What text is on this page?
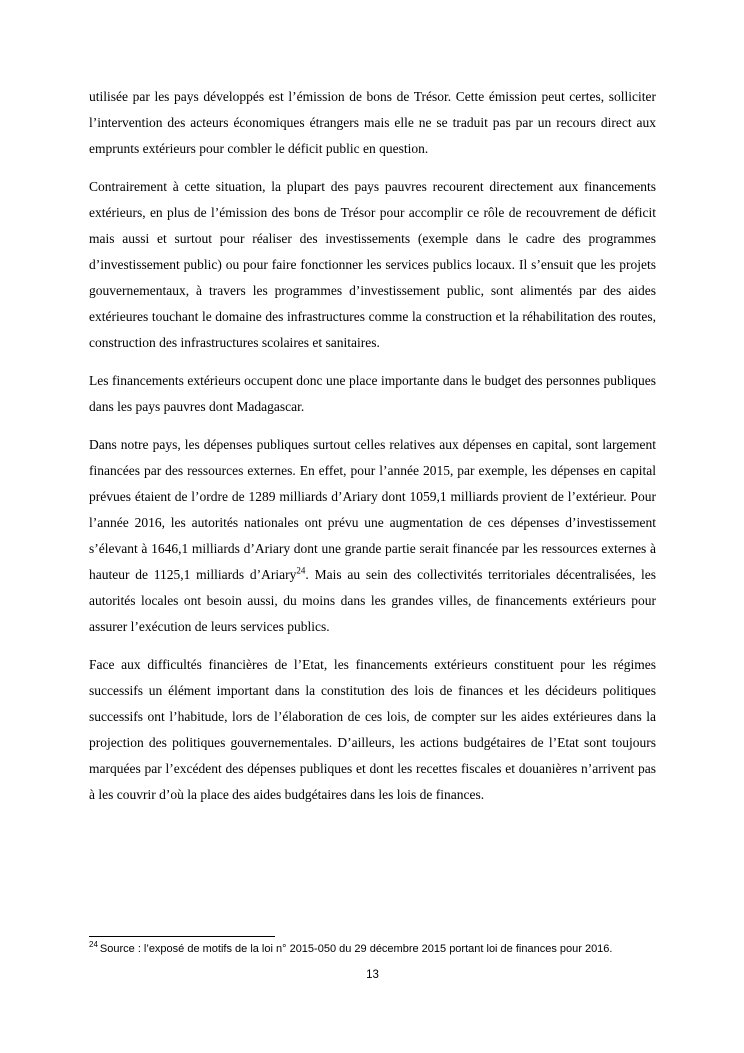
utilisée par les pays développés est l’émission de bons de Trésor. Cette émission peut certes, solliciter l’intervention des acteurs économiques étrangers mais elle ne se traduit pas par un recours direct aux emprunts extérieurs pour combler le déficit public en question.

Contrairement à cette situation, la plupart des pays pauvres recourent directement aux financements extérieurs, en plus de l’émission des bons de Trésor pour accomplir ce rôle de recouvrement de déficit mais aussi et surtout pour réaliser des investissements (exemple dans le cadre des programmes d’investissement public) ou pour faire fonctionner les services publics locaux. Il s’ensuit que les projets gouvernementaux, à travers les programmes d’investissement public, sont alimentés par des aides extérieures touchant le domaine des infrastructures comme la construction et la réhabilitation des routes, construction des infrastructures scolaires et sanitaires.

Les financements extérieurs occupent donc une place importante dans le budget des personnes publiques dans les pays pauvres dont Madagascar.

Dans notre pays, les dépenses publiques surtout celles relatives aux dépenses en capital, sont largement financées par des ressources externes. En effet, pour l’année 2015, par exemple, les dépenses en capital prévues étaient de l’ordre de 1289 milliards d’Ariary dont 1059,1 milliards provient de l’extérieur. Pour l’année 2016, les autorités nationales ont prévu une augmentation de ces dépenses d’investissement s’élevant à 1646,1 milliards d’Ariary dont une grande partie serait financée par les ressources externes à hauteur de 1125,1 milliards d’Ariary$^{24}$. Mais au sein des collectivités territoriales décentralisées, les autorités locales ont besoin aussi, du moins dans les grandes villes, de financements extérieurs pour assurer l’exécution de leurs services publics.

Face aux difficultés financières de l’Etat, les financements extérieurs constituent pour les régimes successifs un élément important dans la constitution des lois de finances et les décideurs politiques successifs ont l’habitude, lors de l’élaboration de ces lois, de compter sur les aides extérieures dans la projection des politiques gouvernementales. D’ailleurs, les actions budgétaires de l’Etat sont toujours marquées par l’excédent des dépenses publiques et dont les recettes fiscales et douanières n’arrivent pas à les couvrir d’où la place des aides budgétaires dans les lois de finances.

$^{24}$ Source : l’exposé de motifs de la loi n° 2015-050 du 29 décembre 2015 portant loi de finances pour 2016.
13
